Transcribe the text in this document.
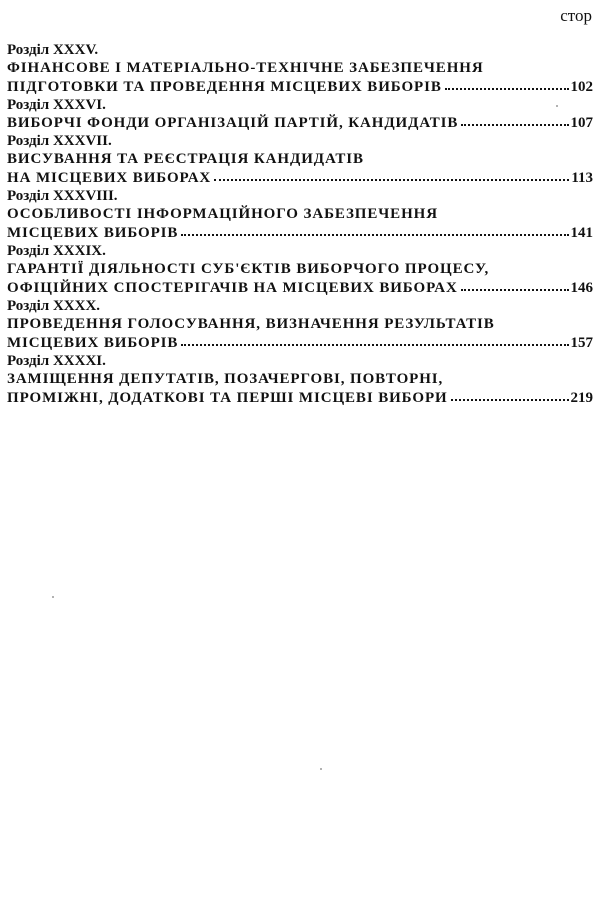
стор
Розділ XXXV.
ФІНАНСОВЕ І МАТЕРІАЛЬНО-ТЕХНІЧНЕ ЗАБЕЗПЕЧЕННЯ
ПІДГОТОВКИ ТА ПРОВЕДЕННЯ МІСЦЕВИХ ВИБОРІВ	102
Розділ XXXVI.
ВИБОРЧІ ФОНДИ ОРГАНІЗАЦІЙ ПАРТІЙ, КАНДИДАТІВ	107
Розділ XXXVII.
ВИСУВАННЯ ТА РЕЄСТРАЦІЯ КАНДИДАТІВ
НА МІСЦЕВИХ ВИБОРАХ	113
Розділ XXXVIII.
ОСОБЛИВОСТІ ІНФОРМАЦІЙНОГО ЗАБЕЗПЕЧЕННЯ
МІСЦЕВИХ ВИБОРІВ	141
Розділ XXXIX.
ГАРАНТІЇ ДІЯЛЬНОСТІ СУБ'ЄКТІВ ВИБОРЧОГО ПРОЦЕСУ,
ОФІЦІЙНИХ СПОСТЕРІГАЧІВ НА МІСЦЕВИХ ВИБОРАХ	146
Розділ XXXX.
ПРОВЕДЕННЯ ГОЛОСУВАННЯ, ВИЗНАЧЕННЯ РЕЗУЛЬТАТІВ
МІСЦЕВИХ ВИБОРІВ	157
Розділ XXXXI.
ЗАМІЩЕННЯ ДЕПУТАТІВ, ПОЗАЧЕРГОВІ, ПОВТОРНІ,
ПРОМІЖНІ, ДОДАТКОВІ ТА ПЕРШІ МІСЦЕВІ ВИБОРИ	219
